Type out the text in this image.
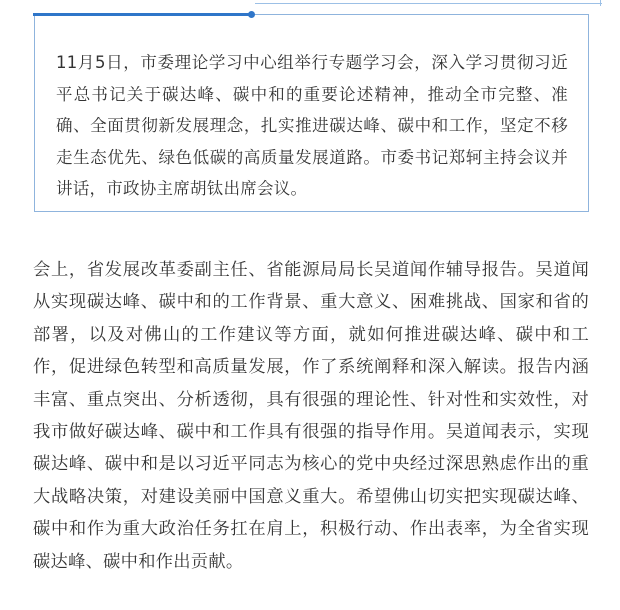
11月5日，市委理论学习中心组举行专题学习会，深入学习贯彻习近平总书记关于碳达峰、碳中和的重要论述精神，推动全市完整、准确、全面贯彻新发展理念，扎实推进碳达峰、碳中和工作，坚定不移走生态优先、绿色低碳的高质量发展道路。市委书记郑轲主持会议并讲话，市政协主席胡钛出席会议。

会上，省发展改革委副主任、省能源局局长吴道闻作辅导报告。吴道闻从实现碳达峰、碳中和的工作背景、重大意义、困难挑战、国家和省的部署，以及对佛山的工作建议等方面，就如何推进碳达峰、碳中和工作，促进绿色转型和高质量发展，作了系统阐释和深入解读。报告内涵丰富、重点突出、分析透彻，具有很强的理论性、针对性和实效性，对我市做好碳达峰、碳中和工作具有很强的指导作用。吴道闻表示，实现碳达峰、碳中和是以习近平同志为核心的党中央经过深思熟虑作出的重大战略决策，对建设美丽中国意义重大。希望佛山切实把实现碳达峰、碳中和作为重大政治任务扛在肩上，积极行动、作出表率，为全省实现碳达峰、碳中和作出贡献。
